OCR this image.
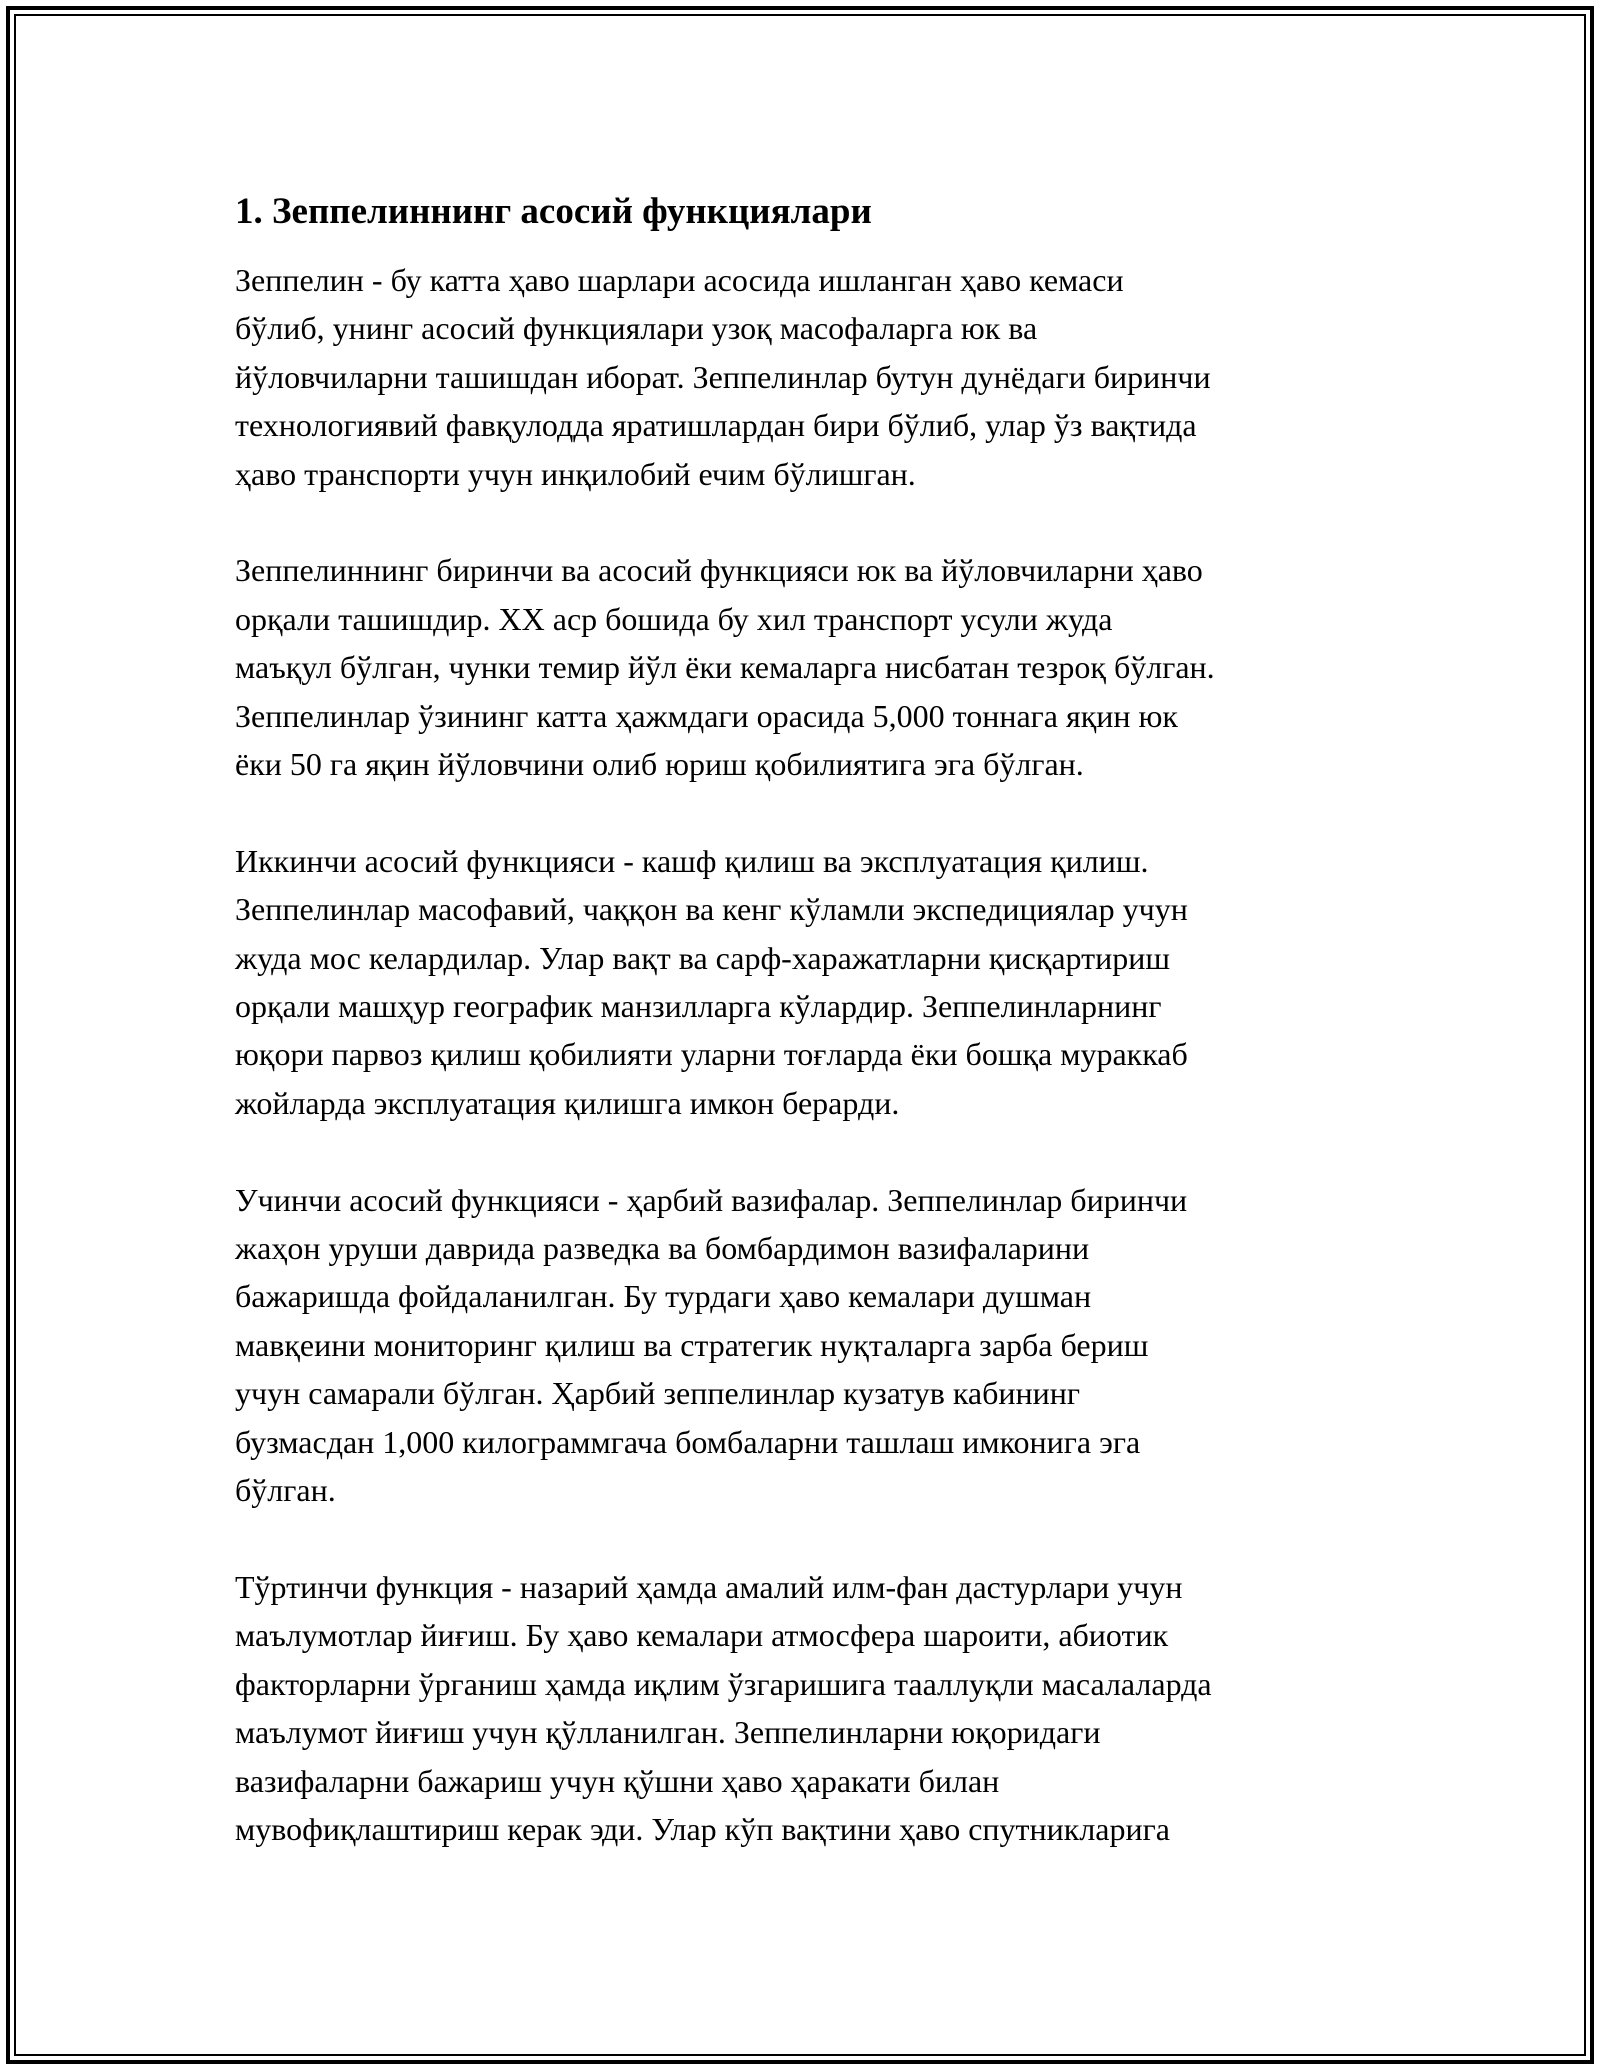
1. Зеппелиннинг асосий функциялари

Зеппелин - бу катта ҳаво шарлари асосида ишланган ҳаво кемаси
бўлиб, унинг асосий функциялари узоқ масофаларга юк ва
йўловчиларни ташишдан иборат. Зеппелинлар бутун дунёдаги биринчи
технологиявий фавқулодда яратишлардан бири бўлиб, улар ўз вақтида
ҳаво транспорти учун инқилобий ечим бўлишган.

Зеппелиннинг биринчи ва асосий функцияси юк ва йўловчиларни ҳаво
орқали ташишдир. XX аср бошида бу хил транспорт усули жуда
маъқул бўлган, чунки темир йўл ёки кемаларга нисбатан тезроқ бўлган.
Зеппелинлар ўзининг катта ҳажмдаги орасида 5,000 тоннага яқин юк
ёки 50 га яқин йўловчини олиб юриш қобилиятига эга бўлган.

Иккинчи асосий функцияси - кашф қилиш ва эксплуатация қилиш.
Зеппелинлар масофавий, чаққон ва кенг кўламли экспедициялар учун
жуда мос келардилар. Улар вақт ва сарф-харажатларни қисқартириш
орқали машҳур географик манзилларга кўлардир. Зеппелинларнинг
юқори парвоз қилиш қобилияти уларни тоғларда ёки бошқа мураккаб
жойларда эксплуатация қилишга имкон берарди.

Учинчи асосий функцияси - ҳарбий вазифалар. Зеппелинлар биринчи
жаҳон уруши даврида разведка ва бомбардимон вазифаларини
бажаришда фойдаланилган. Бу турдаги ҳаво кемалари душман
мавқеини мониторинг қилиш ва стратегик нуқталарга зарба бериш
учун самарали бўлган. Ҳарбий зеппелинлар кузатув кабининг
бузмасдан 1,000 килограммгача бомбаларни ташлаш имконига эга
бўлган.

Тўртинчи функция - назарий ҳамда амалий илм-фан дастурлари учун
маълумотлар йиғиш. Бу ҳаво кемалари атмосфера шароити, абиотик
факторларни ўрганиш ҳамда иқлим ўзгаришига тааллуқли масалаларда
маълумот йиғиш учун қўлланилган. Зеппелинларни юқоридаги
вазифаларни бажариш учун қўшни ҳаво ҳаракати билан
мувофиқлаштириш керак эди. Улар кўп вақтини ҳаво спутникларига
